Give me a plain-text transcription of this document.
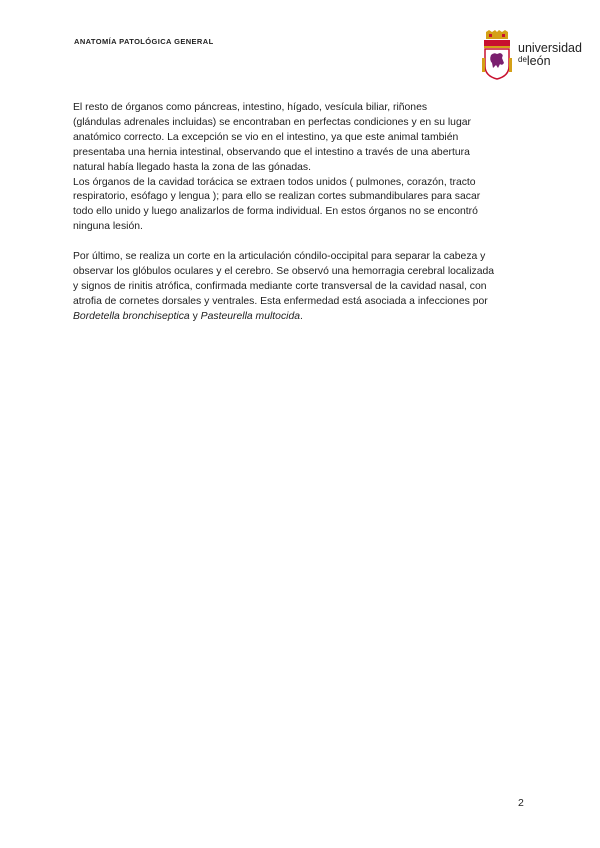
ANATOMÍA PATOLÓGICA GENERAL	universidad
$^{de}$león

El resto de órganos como páncreas, intestino, hígado, vesícula biliar, riñones
(glándulas adrenales incluidas) se encontraban en perfectas condiciones y en su lugar
anatómico correcto. La excepción se vio en el intestino, ya que este animal también
presentaba una hernia intestinal, observando que el intestino a través de una abertura
natural había llegado hasta la zona de las gónadas.

Los órganos de la cavidad torácica se extraen todos unidos ( pulmones, corazón, tracto
respiratorio, esófago y lengua ); para ello se realizan cortes submandibulares para sacar
todo ello unido y luego analizarlos de forma individual. En estos órganos no se encontró
ninguna lesión.

Por último, se realiza un corte en la articulación cóndilo-occipital para separar la cabeza y
observar los glóbulos oculares y el cerebro. Se observó una hemorragia cerebral localizada
y signos de rinitis atrófica, confirmada mediante corte transversal de la cavidad nasal, con
atrofia de cornetes dorsales y ventrales. Esta enfermedad está asociada a infecciones por
Bordetella bronchiseptica y Pasteurella multocida.

2
